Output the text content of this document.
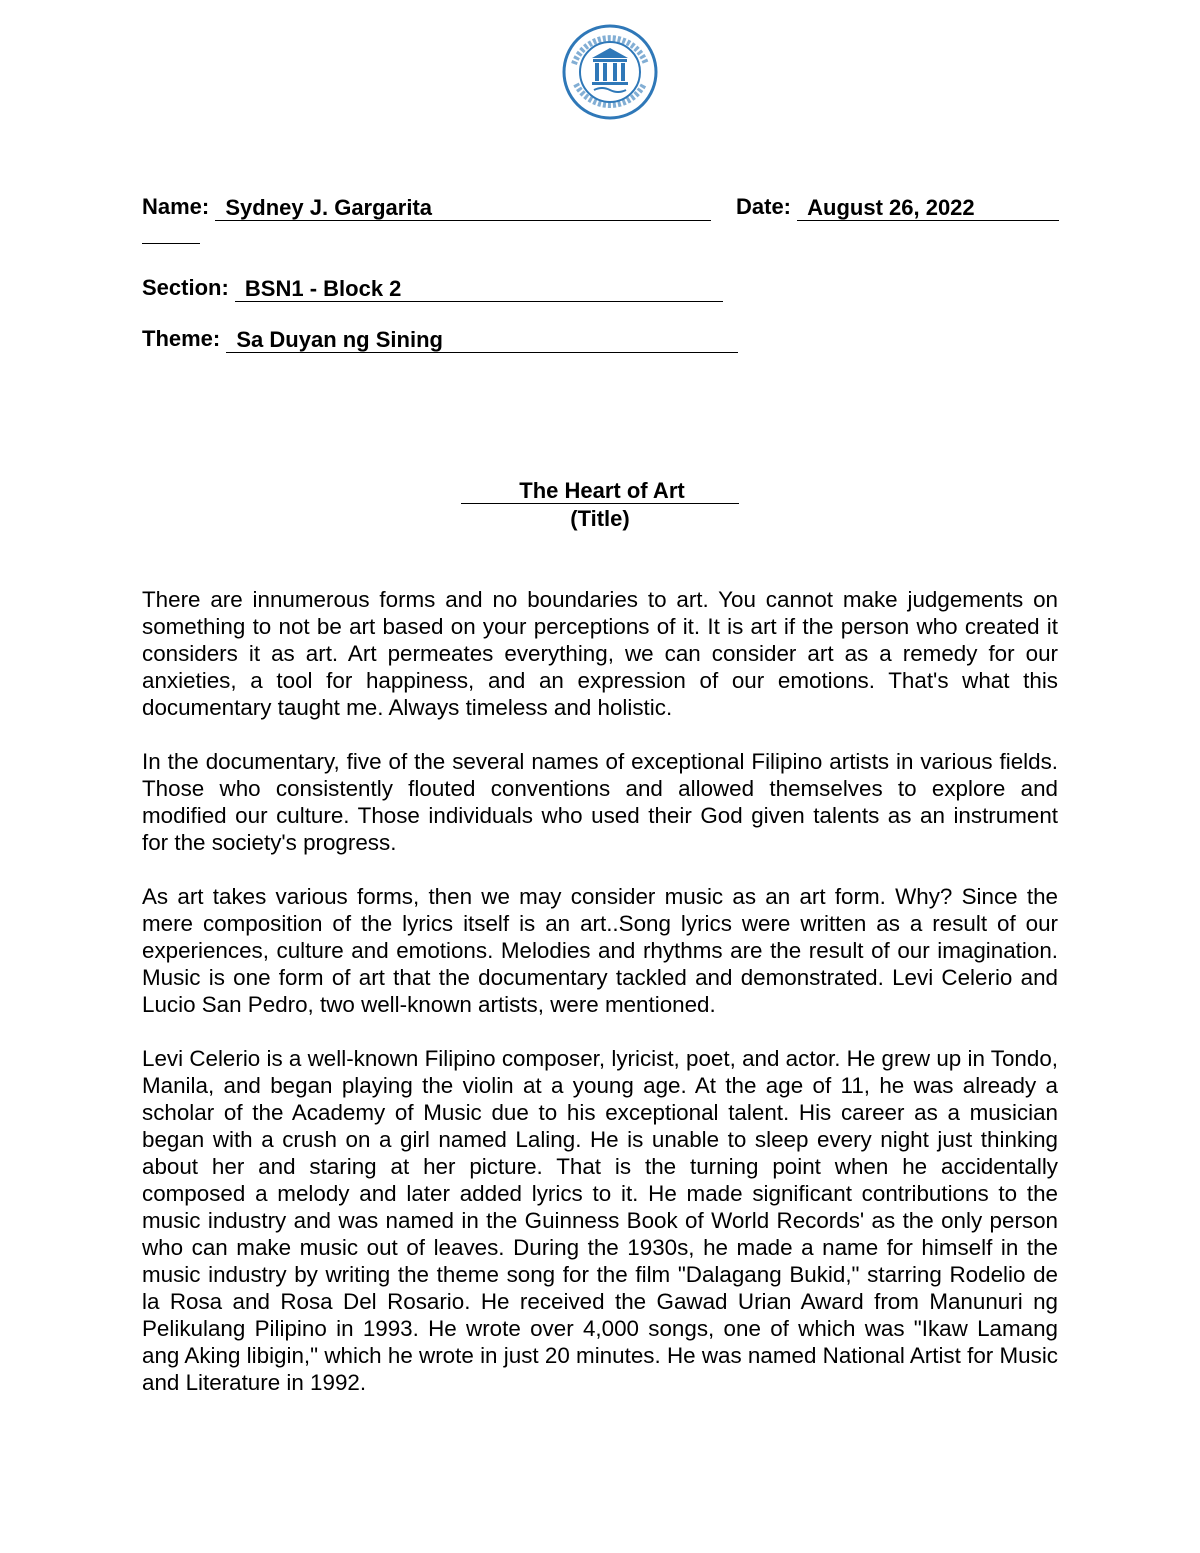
Name: Sydney J. Gargarita	Date: August 26, 2022
Section: BSN1 - Block 2
Theme: Sa Duyan ng Sining
The Heart of Art
(Title)

There are innumerous forms and no boundaries to art. You cannot make judgements on something to not be art based on your perceptions of it. It is art if the person who created it considers it as art. Art permeates everything, we can consider art as a remedy for our anxieties, a tool for happiness, and an expression of our emotions. That's what this documentary taught me. Always timeless and holistic.

In the documentary, five of the several names of exceptional Filipino artists in various fields. Those who consistently flouted conventions and allowed themselves to explore and modified our culture. Those individuals who used their God given talents as an instrument for the society's progress.

As art takes various forms, then we may consider music as an art form. Why? Since the mere composition of the lyrics itself is an art..Song lyrics were written as a result of our experiences, culture and emotions. Melodies and rhythms are the result of our imagination. Music is one form of art that the documentary tackled and demonstrated. Levi Celerio and Lucio San Pedro, two well-known artists, were mentioned.

Levi Celerio is a well-known Filipino composer, lyricist, poet, and actor. He grew up in Tondo, Manila, and began playing the violin at a young age. At the age of 11, he was already a scholar of the Academy of Music due to his exceptional talent. His career as a musician began with a crush on a girl named Laling. He is unable to sleep every night just thinking about her and staring at her picture. That is the turning point when he accidentally composed a melody and later added lyrics to it. He made significant contributions to the music industry and was named in the Guinness Book of World Records' as the only person who can make music out of leaves. During the 1930s, he made a name for himself in the music industry by writing the theme song for the film "Dalagang Bukid," starring Rodelio de la Rosa and Rosa Del Rosario. He received the Gawad Urian Award from Manunuri ng Pelikulang Pilipino in 1993. He wrote over 4,000 songs, one of which was "Ikaw Lamang ang Aking libigin," which he wrote in just 20 minutes. He was named National Artist for Music and Literature in 1992.
